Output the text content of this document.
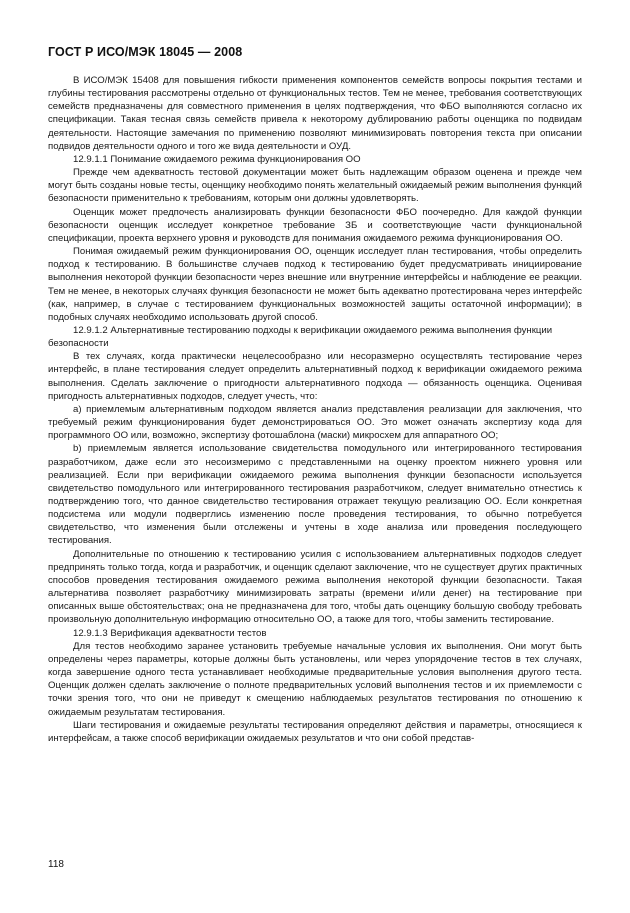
ГОСТ Р ИСО/МЭК 18045 — 2008

В ИСО/МЭК 15408 для повышения гибкости применения компонентов семейств вопросы покрытия тестами и глубины тестирования рассмотрены отдельно от функциональных тестов. Тем не менее, требования соответствующих семейств предназначены для совместного применения в целях подтверждения, что ФБО выполняются согласно их спецификации. Такая тесная связь семейств привела к некоторому дублированию работы оценщика по подвидам деятельности. Настоящие замечания по применению позволяют минимизировать повторения текста при описании подвидов деятельности одного и того же вида деятельности и ОУД.

12.9.1.1 Понимание ожидаемого режима функционирования ОО

Прежде чем адекватность тестовой документации может быть надлежащим образом оценена и прежде чем могут быть созданы новые тесты, оценщику необходимо понять желательный ожидаемый режим выполнения функций безопасности применительно к требованиям, которым они должны удовлетворять.

Оценщик может предпочесть анализировать функции безопасности ФБО поочередно. Для каждой функции безопасности оценщик исследует конкретное требование ЗБ и соответствующие части функциональной спецификации, проекта верхнего уровня и руководств для понимания ожидаемого режима функционирования ОО.

Понимая ожидаемый режим функционирования ОО, оценщик исследует план тестирования, чтобы определить подход к тестированию. В большинстве случаев подход к тестированию будет предусматривать инициирование выполнения некоторой функции безопасности через внешние или внутренние интерфейсы и наблюдение ее реакции. Тем не менее, в некоторых случаях функция безопасности не может быть адекватно протестирована через интерфейс (как, например, в случае с тестированием функциональных возможностей защиты остаточной информации); в подобных случаях необходимо использовать другой способ.

12.9.1.2 Альтернативные тестированию подходы к верификации ожидаемого режима выполнения функции безопасности

В тех случаях, когда практически нецелесообразно или несоразмерно осуществлять тестирование через интерфейс, в плане тестирования следует определить альтернативный подход к верификации ожидаемого режима выполнения. Сделать заключение о пригодности альтернативного подхода — обязанность оценщика. Оценивая пригодность альтернативных подходов, следует учесть, что:

a) приемлемым альтернативным подходом является анализ представления реализации для заключения, что требуемый режим функционирования будет демонстрироваться ОО. Это может означать экспертизу кода для программного ОО или, возможно, экспертизу фотошаблона (маски) микросхем для аппаратного ОО;

b) приемлемым является использование свидетельства помодульного или интегрированного тестирования разработчиком, даже если это несоизмеримо с представленными на оценку проектом нижнего уровня или реализацией. Если при верификации ожидаемого режима выполнения функции безопасности используется свидетельство помодульного или интегрированного тестирования разработчиком, следует внимательно отнестись к подтверждению того, что данное свидетельство тестирования отражает текущую реализацию ОО. Если конкретная подсистема или модули подверглись изменению после проведения тестирования, то обычно потребуется свидетельство, что изменения были отслежены и учтены в ходе анализа или проведения последующего тестирования.

Дополнительные по отношению к тестированию усилия с использованием альтернативных подходов следует предпринять только тогда, когда и разработчик, и оценщик сделают заключение, что не существует других практичных способов проведения тестирования ожидаемого режима выполнения некоторой функции безопасности. Такая альтернатива позволяет разработчику минимизировать затраты (времени и/или денег) на тестирование при описанных выше обстоятельствах; она не предназначена для того, чтобы дать оценщику большую свободу требовать произвольную дополнительную информацию относительно ОО, а также для того, чтобы заменить тестирование.

12.9.1.3 Верификация адекватности тестов

Для тестов необходимо заранее установить требуемые начальные условия их выполнения. Они могут быть определены через параметры, которые должны быть установлены, или через упорядочение тестов в тех случаях, когда завершение одного теста устанавливает необходимые предварительные условия выполнения другого теста. Оценщик должен сделать заключение о полноте предварительных условий выполнения тестов и их приемлемости с точки зрения того, что они не приведут к смещению наблюдаемых результатов тестирования по отношению к ожидаемым результатам тестирования.

Шаги тестирования и ожидаемые результаты тестирования определяют действия и параметры, относящиеся к интерфейсам, а также способ верификации ожидаемых результатов и что они собой представ-

118
